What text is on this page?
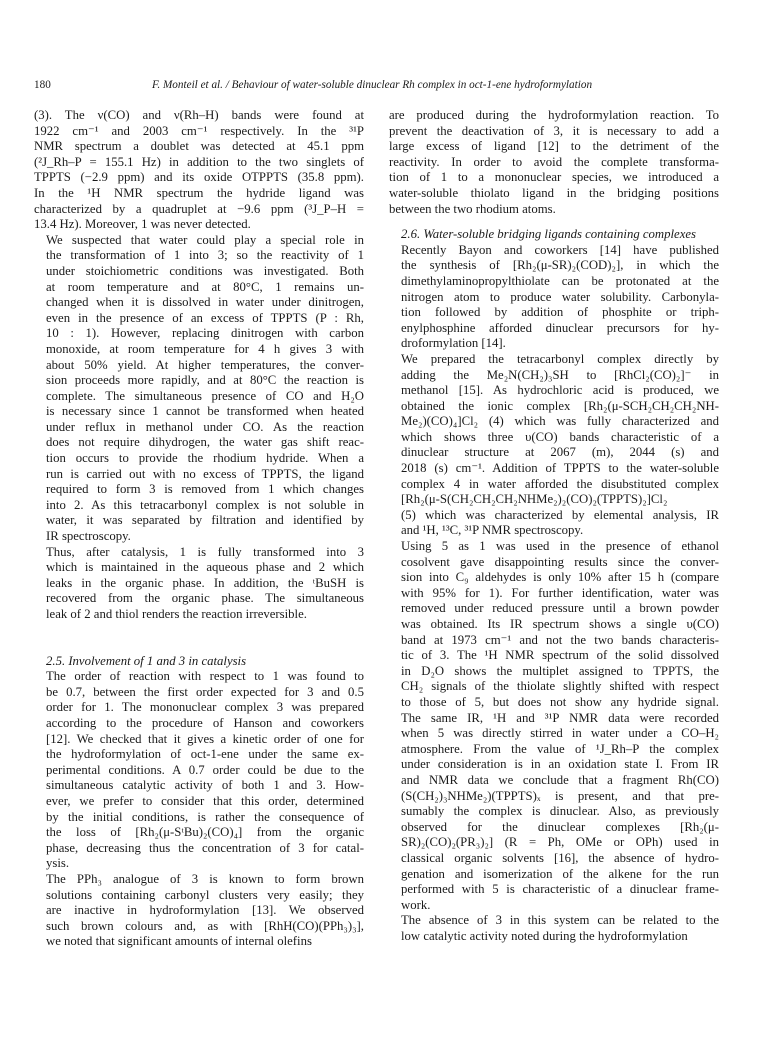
180	F. Monteil et al. / Behaviour of water-soluble dinuclear Rh complex in oct-1-ene hydroformylation

(3). The ν(CO) and ν(Rh–H) bands were found at
1922 cm⁻¹ and 2003 cm⁻¹ respectively. In the ³¹P
NMR spectrum a doublet was detected at 45.1 ppm
(²J_Rh–P = 155.1 Hz) in addition to the two singlets of
TPPTS (−2.9 ppm) and its oxide OTPPTS (35.8 ppm).
In the ¹H NMR spectrum the hydride ligand was
characterized by a quadruplet at −9.6 ppm (³J_P–H =
13.4 Hz). Moreover, 1 was never detected.

We suspected that water could play a special role in
the transformation of 1 into 3; so the reactivity of 1
under stoichiometric conditions was investigated. Both
at room temperature and at 80°C, 1 remains un-
changed when it is dissolved in water under dinitrogen,
even in the presence of an excess of TPPTS (P : Rh,
10 : 1). However, replacing dinitrogen with carbon
monoxide, at room temperature for 4 h gives 3 with
about 50% yield. At higher temperatures, the conver-
sion proceeds more rapidly, and at 80°C the reaction is
complete. The simultaneous presence of CO and H₂O
is necessary since 1 cannot be transformed when heated
under reflux in methanol under CO. As the reaction
does not require dihydrogen, the water gas shift reac-
tion occurs to provide the rhodium hydride. When a
run is carried out with no excess of TPPTS, the ligand
required to form 3 is removed from 1 which changes
into 2. As this tetracarbonyl complex is not soluble in
water, it was separated by filtration and identified by
IR spectroscopy.

Thus, after catalysis, 1 is fully transformed into 3
which is maintained in the aqueous phase and 2 which
leaks in the organic phase. In addition, the ᵗBuSH is
recovered from the organic phase. The simultaneous
leak of 2 and thiol renders the reaction irreversible.

2.5. Involvement of 1 and 3 in catalysis

The order of reaction with respect to 1 was found to
be 0.7, between the first order expected for 3 and 0.5
order for 1. The mononuclear complex 3 was prepared
according to the procedure of Hanson and coworkers
[12]. We checked that it gives a kinetic order of one for
the hydroformylation of oct-1-ene under the same ex-
perimental conditions. A 0.7 order could be due to the
simultaneous catalytic activity of both 1 and 3. How-
ever, we prefer to consider that this order, determined
by the initial conditions, is rather the consequence of
the loss of [Rh₂(μ-SᵗBu)₂(CO)₄] from the organic
phase, decreasing thus the concentration of 3 for catal-
ysis.

The PPh₃ analogue of 3 is known to form brown
solutions containing carbonyl clusters very easily; they
are inactive in hydroformylation [13]. We observed
such brown colours and, as with [RhH(CO)(PPh₃)₃],
we noted that significant amounts of internal olefins

are produced during the hydroformylation reaction. To
prevent the deactivation of 3, it is necessary to add a
large excess of ligand [12] to the detriment of the
reactivity. In order to avoid the complete transforma-
tion of 1 to a mononuclear species, we introduced a
water-soluble thiolato ligand in the bridging positions
between the two rhodium atoms.

2.6. Water-soluble bridging ligands containing complexes

Recently Bayon and coworkers [14] have published
the synthesis of [Rh₂(μ-SR)₂(COD)₂], in which the
dimethylaminopropylthiolate can be protonated at the
nitrogen atom to produce water solubility. Carbonyla-
tion followed by addition of phosphite or triph-
enylphosphine afforded dinuclear precursors for hy-
droformylation [14].

We prepared the tetracarbonyl complex directly by
adding the Me₂N(CH₂)₃SH to [RhCl₂(CO)₂]⁻ in
methanol [15]. As hydrochloric acid is produced, we
obtained the ionic complex [Rh₂(μ-SCH₂CH₂CH₂NH-
Me₂)(CO)₄]Cl₂ (4) which was fully characterized and
which shows three υ(CO) bands characteristic of a
dinuclear structure at 2067 (m), 2044 (s) and
2018 (s) cm⁻¹. Addition of TPPTS to the water-soluble
complex 4 in water afforded the disubstituted complex
[Rh₂(μ-S(CH₂CH₂CH₂NHMe₂)₂(CO)₂(TPPTS)₂]Cl₂
(5) which was characterized by elemental analysis, IR
and ¹H, ¹³C, ³¹P NMR spectroscopy.

Using 5 as 1 was used in the presence of ethanol
cosolvent gave disappointing results since the conver-
sion into C₉ aldehydes is only 10% after 15 h (compare
with 95% for 1). For further identification, water was
removed under reduced pressure until a brown powder
was obtained. Its IR spectrum shows a single υ(CO)
band at 1973 cm⁻¹ and not the two bands characteris-
tic of 3. The ¹H NMR spectrum of the solid dissolved
in D₂O shows the multiplet assigned to TPPTS, the
CH₂ signals of the thiolate slightly shifted with respect
to those of 5, but does not show any hydride signal.
The same IR, ¹H and ³¹P NMR data were recorded
when 5 was directly stirred in water under a CO–H₂
atmosphere. From the value of ¹J_Rh–P the complex
under consideration is in an oxidation state I. From IR
and NMR data we conclude that a fragment Rh(CO)
(S(CH₂)₃NHMe₂)(TPPTS)ₓ is present, and that pre-
sumably the complex is dinuclear. Also, as previously
observed for the dinuclear complexes [Rh₂(μ-
SR)₂(CO)₂(PR₃)₂] (R = Ph, OMe or OPh) used in
classical organic solvents [16], the absence of hydro-
genation and isomerization of the alkene for the run
performed with 5 is characteristic of a dinuclear frame-
work.

The absence of 3 in this system can be related to the
low catalytic activity noted during the hydroformylation
